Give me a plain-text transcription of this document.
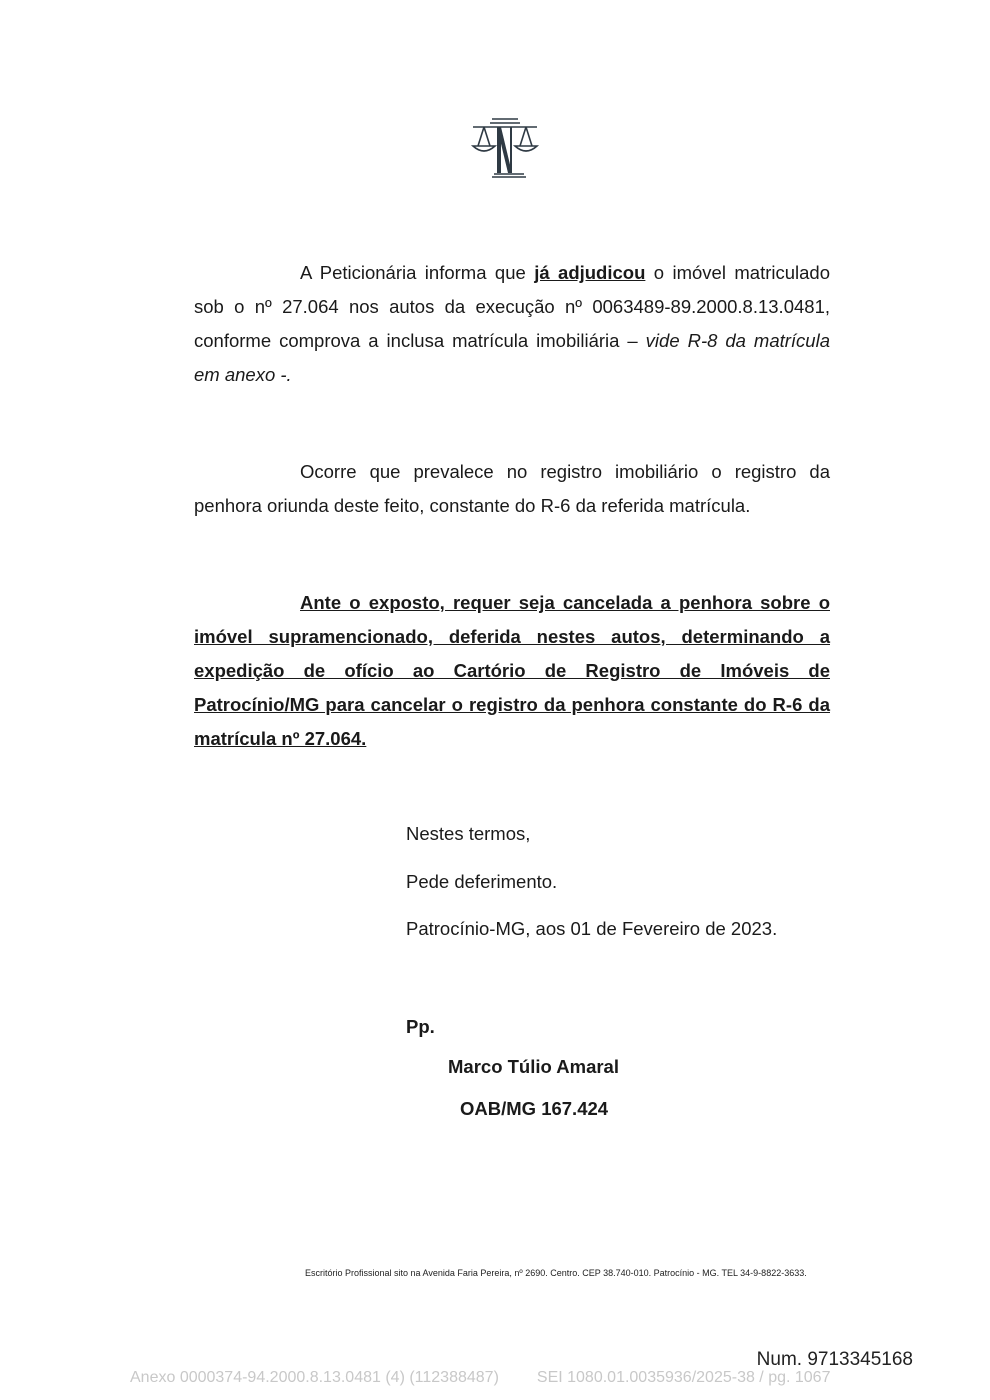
A Peticionária informa que já adjudicou o imóvel matriculado sob o nº 27.064 nos autos da execução nº 0063489-89.2000.8.13.0481, conforme comprova a inclusa matrícula imobiliária – vide R-8 da matrícula em anexo -.

Ocorre que prevalece no registro imobiliário o registro da penhora oriunda deste feito, constante do R-6 da referida matrícula.

Ante o exposto, requer seja cancelada a penhora sobre o imóvel supramencionado, deferida nestes autos, determinando a expedição de ofício ao Cartório de Registro de Imóveis de Patrocínio/MG para cancelar o registro da penhora constante do R-6 da matrícula nº 27.064.

Nestes termos,

Pede deferimento.

Patrocínio-MG, aos 01 de Fevereiro de 2023.

Pp.

Marco Túlio Amaral

OAB/MG 167.424

Escritório Profissional sito na Avenida Faria Pereira, nº 2690. Centro. CEP 38.740-010. Patrocínio - MG. TEL 34-9-8822-3633.
Num. 9713345168
Anexo 0000374-94.2000.8.13.0481 (4) (112388487) SEI 1080.01.0035936/2025-38 / pg. 1067
